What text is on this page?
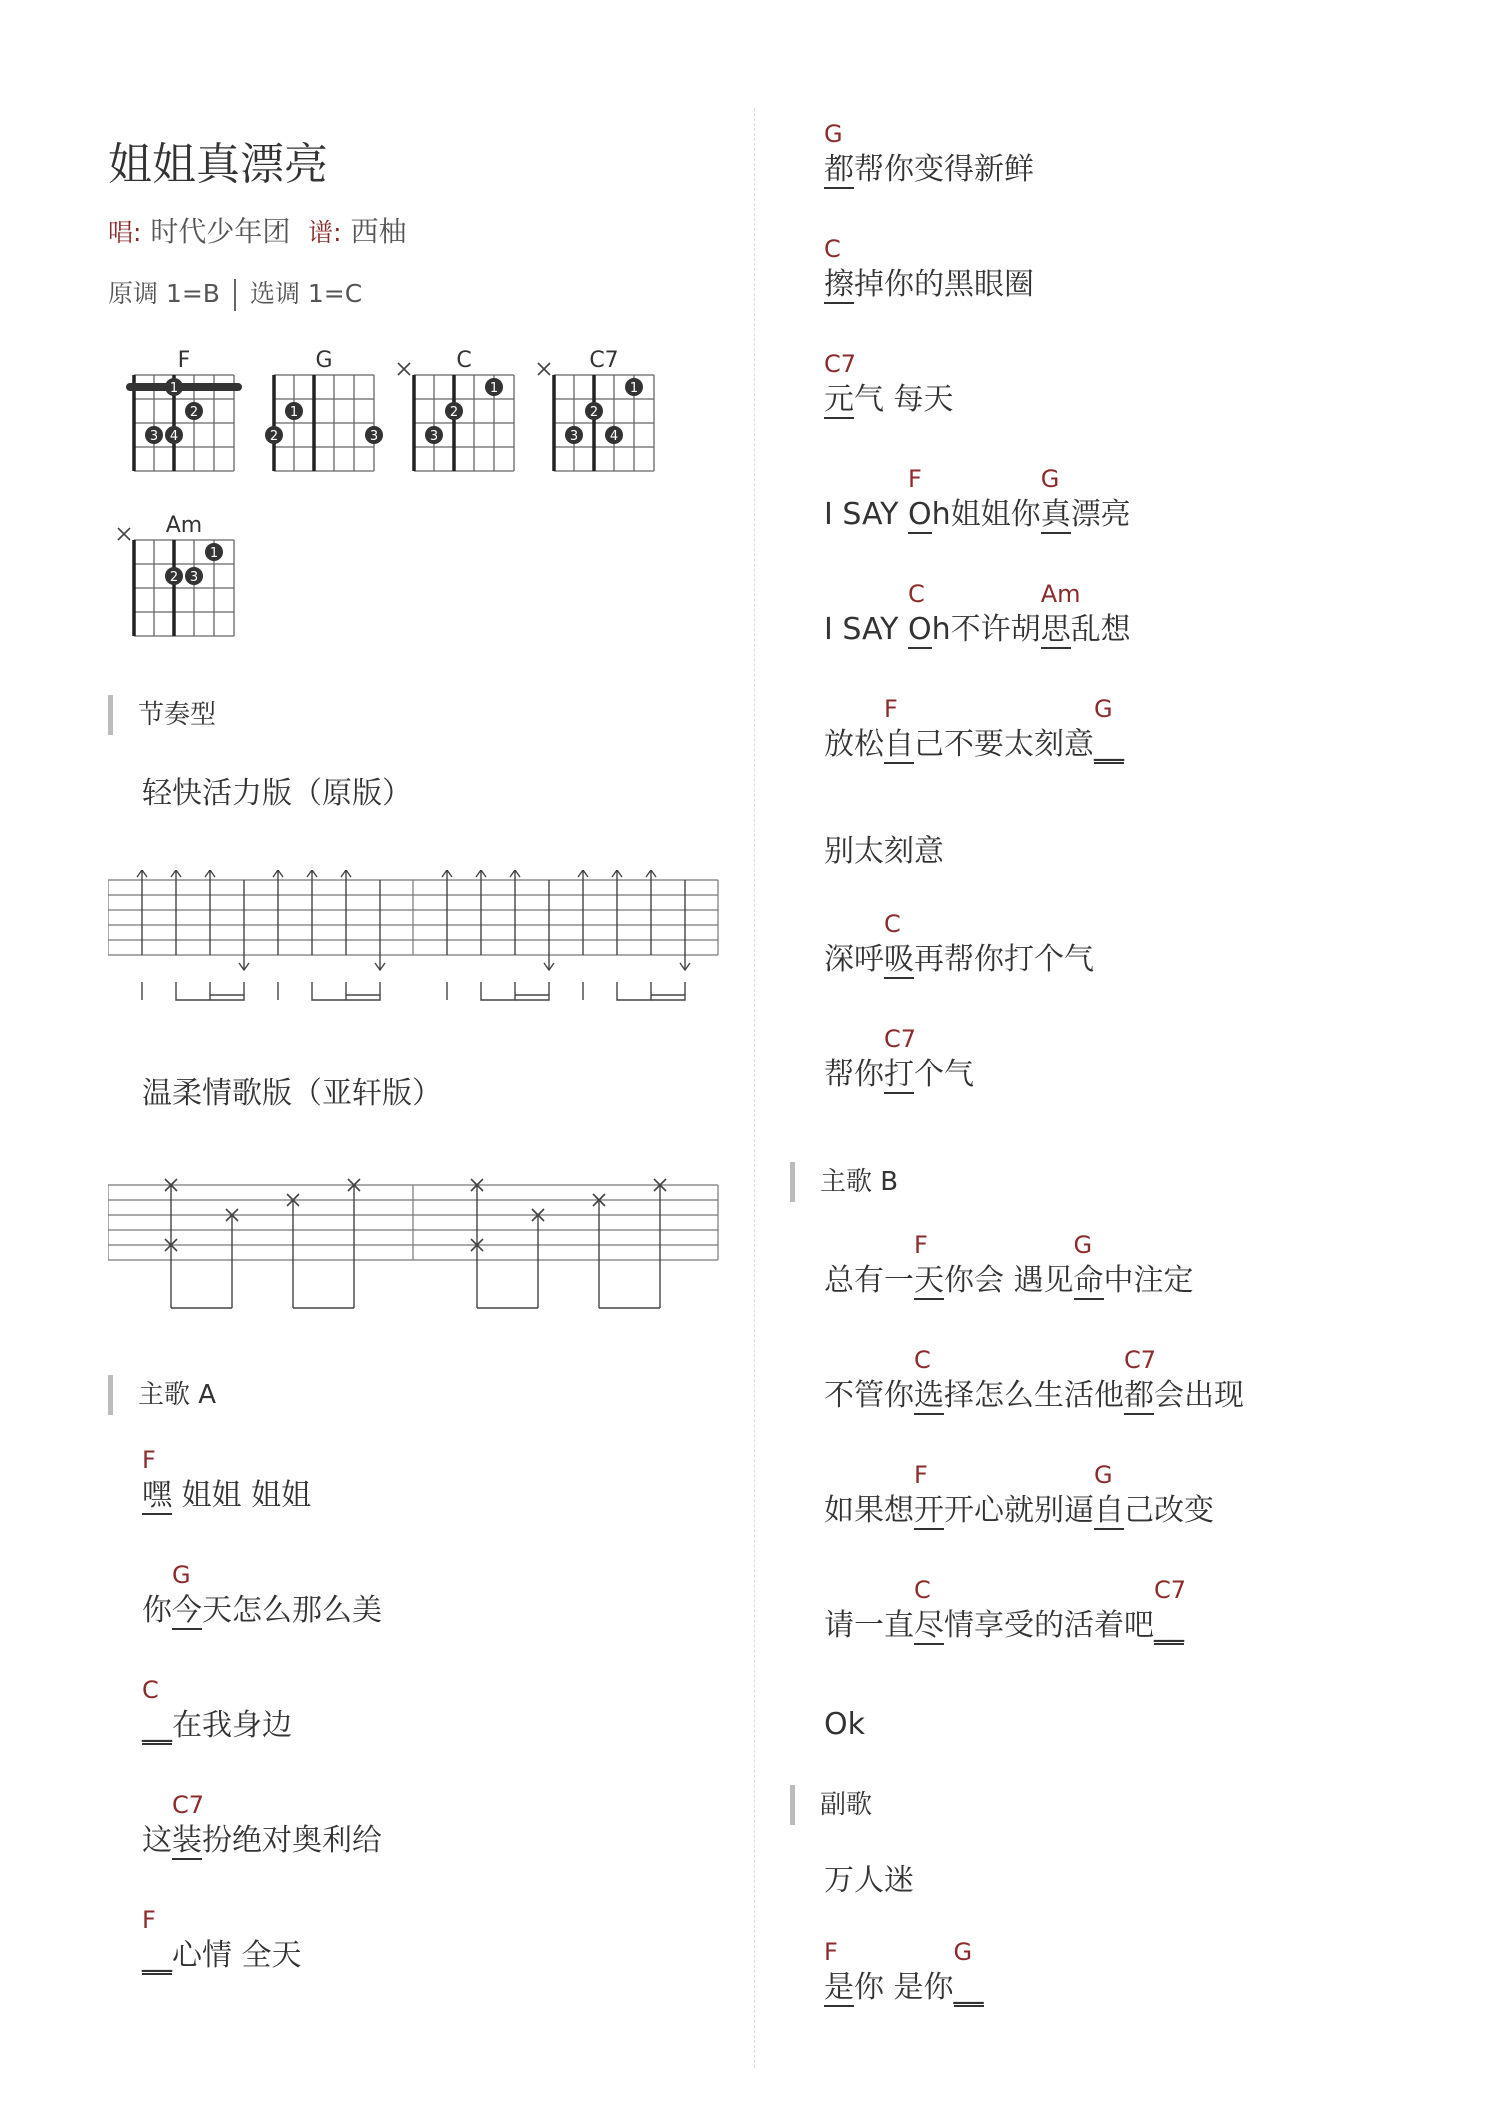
姐姐真漂亮
唱: 时代少年团 谱: 西柚
原调 1=B 选调 1=C
F
1
2
3 4
G
1
2	3
C
1
2
3
C7
1
2
3 4
Am
1
2 3
节奏型
轻快活力版（原版）
温柔情歌版（亚轩版）
主歌 A
F
嘿 姐姐 姐姐
你
G
今 天怎么那么美
C
__ 在我身边
这
C7
装 扮绝对奥利给
F
__ 心情 全天
G
都 帮你变得新鲜
C
擦 掉你的黑眼圈
C7
元 气 每天
I SAY
F
O h姐姐你
G
真 漂亮
I SAY
C
O h不许胡
Am
思 乱想
放松
F
自 己不要太刻意
G
__
别太刻意
深呼
C
吸 再帮你打个气
帮你
C7
打 个气
主歌 B
总有一
F
天 你会 遇见
G
命 中注定
不管你
C
选 择怎么生活他
C7
都 会出现
如果想
F
开 开心就别逼
G
自 己改变
请一直
C
尽 情享受的活着吧
C7
__
Ok
副歌
万人迷
F
是 你 是你
G
__
